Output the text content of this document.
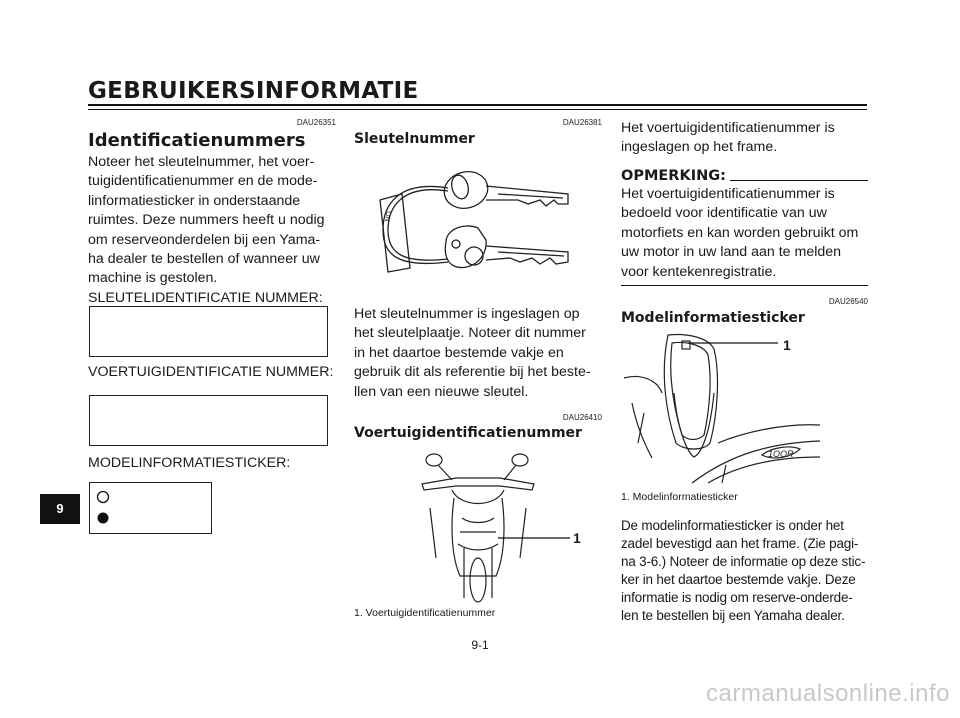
GEBRUIKERSINFORMATIE
9
DAU26351
Identificatienummers
Noteer het sleutelnummer, het voer-
tuigidentificatienummer en de mode-
linformatiesticker in onderstaande
ruimtes. Deze nummers heeft u nodig
om reserveonderdelen bij een Yama-
ha dealer te bestellen of wanneer uw
machine is gestolen.
SLEUTELIDENTIFICATIE NUMMER:
VOERTUIGIDENTIFICATIE NUMMER:
MODELINFORMATIESTICKER:
DAU26381
Sleutelnummer
NO
Het sleutelnummer is ingeslagen op
het sleutelplaatje. Noteer dit nummer
in het daartoe bestemde vakje en
gebruik dit als referentie bij het beste-
llen van een nieuwe sleutel.
DAU26410
Voertuigidentificatienummer
1
1. Voertuigidentificatienummer
Het voertuigidentificatienummer is
ingeslagen op het frame.
OPMERKING:
Het voertuigidentificatienummer is
bedoeld voor identificatie van uw
motorfiets en kan worden gebruikt om
uw motor in uw land aan te melden
voor kentekenregistratie.
DAU26540
Modelinformatiesticker
1OOR
1
1. Modelinformatiesticker
De modelinformatiesticker is onder het
zadel bevestigd aan het frame. (Zie pagi-
na 3-6.) Noteer de informatie op deze stic-
ker in het daartoe bestemde vakje. Deze
informatie is nodig om reserve-onderde-
len te bestellen bij een Yamaha dealer.
9-1
carmanualsonline.info
